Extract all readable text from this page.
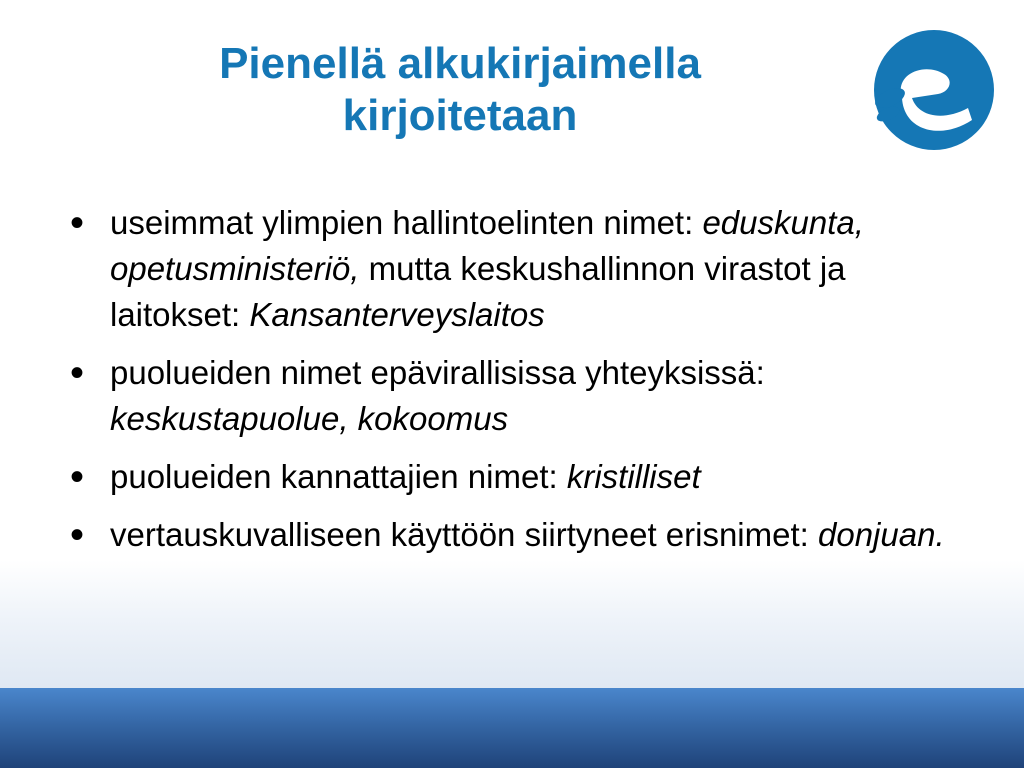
Pienellä alkukirjaimella
kirjoitetaan
• useimmat ylimpien hallintoelinten nimet: eduskunta, opetusministeriö, mutta keskushallinnon virastot ja laitokset: Kansanterveyslaitos
• puolueiden nimet epävirallisissa yhteyksissä: keskustapuolue, kokoomus
• puolueiden kannattajien nimet: kristilliset
• vertauskuvalliseen käyttöön siirtyneet erisnimet: donjuan.
